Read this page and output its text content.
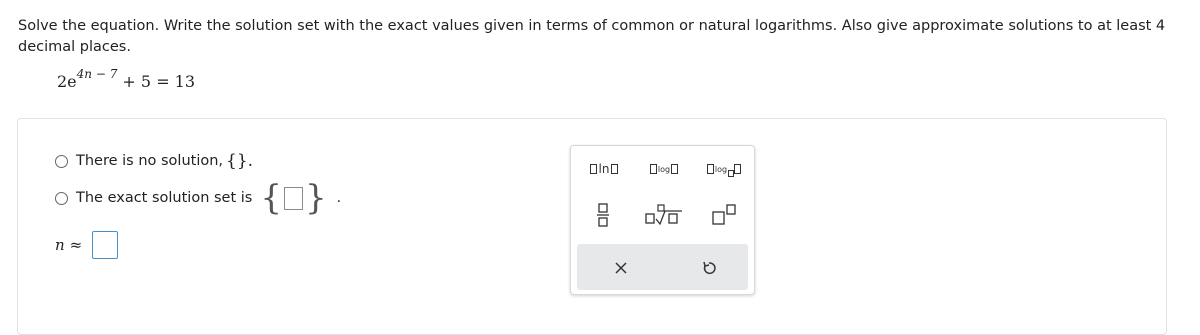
Solve the equation. Write the solution set with the exact values given in terms of common or natural logarithms. Also give approximate solutions to at least 4 decimal places.
$2e^{4n - 7} + 5 = 13$
There is no solution, {}.
The exact solution set is { } .
n ≈
ln	log	log
